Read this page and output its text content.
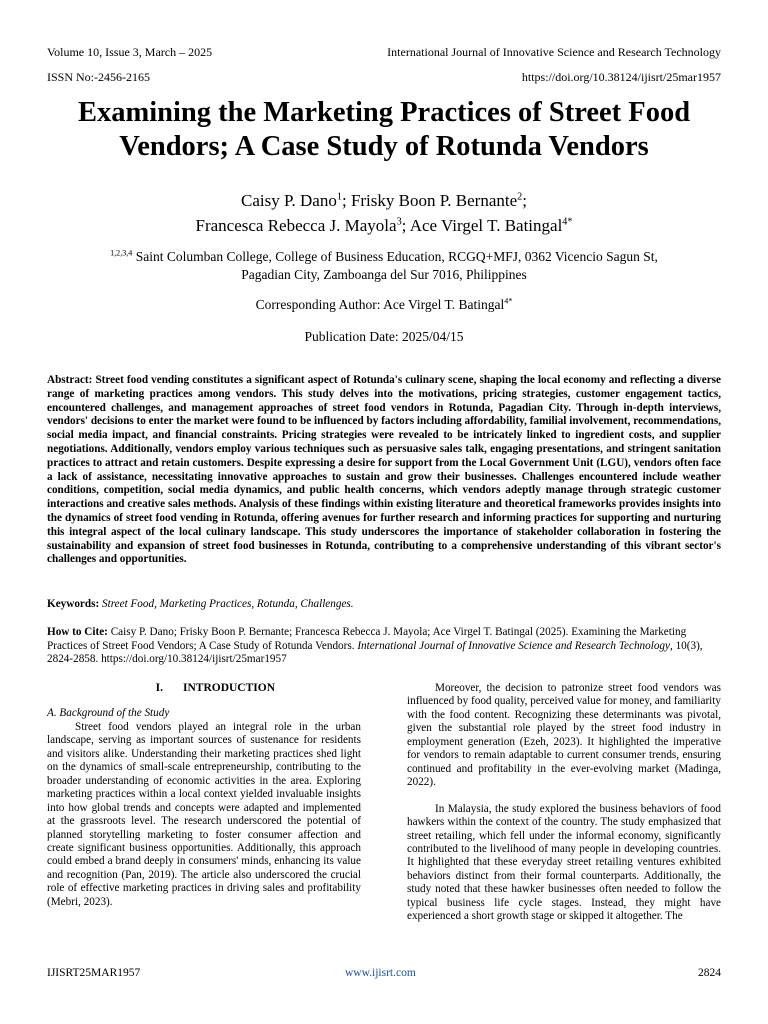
Volume 10, Issue 3, March – 2025	International Journal of Innovative Science and Research Technology
ISSN No:-2456-2165	https://doi.org/10.38124/ijisrt/25mar1957
Examining the Marketing Practices of Street Food
Vendors; A Case Study of Rotunda Vendors
Caisy P. Dano$^1$; Frisky Boon P. Bernante$^2$;
Francesca Rebecca J. Mayola$^3$; Ace Virgel T. Batingal$^{4*}$
$^{1,2,3,4}$ Saint Columban College, College of Business Education, RCGQ+MFJ, 0362 Vicencio Sagun St,
Pagadian City, Zamboanga del Sur 7016, Philippines
Corresponding Author: Ace Virgel T. Batingal$^{4*}$
Publication Date: 2025/04/15
Abstract: Street food vending constitutes a significant aspect of Rotunda's culinary scene, shaping the local economy and reflecting a diverse range of marketing practices among vendors. This study delves into the motivations, pricing strategies, customer engagement tactics, encountered challenges, and management approaches of street food vendors in Rotunda, Pagadian City. Through in-depth interviews, vendors' decisions to enter the market were found to be influenced by factors including affordability, familial involvement, recommendations, social media impact, and financial constraints. Pricing strategies were revealed to be intricately linked to ingredient costs, and supplier negotiations. Additionally, vendors employ various techniques such as persuasive sales talk, engaging presentations, and stringent sanitation practices to attract and retain customers. Despite expressing a desire for support from the Local Government Unit (LGU), vendors often face a lack of assistance, necessitating innovative approaches to sustain and grow their businesses. Challenges encountered include weather conditions, competition, social media dynamics, and public health concerns, which vendors adeptly manage through strategic customer interactions and creative sales methods. Analysis of these findings within existing literature and theoretical frameworks provides insights into the dynamics of street food vending in Rotunda, offering avenues for further research and informing practices for supporting and nurturing this integral aspect of the local culinary landscape. This study underscores the importance of stakeholder collaboration in fostering the sustainability and expansion of street food businesses in Rotunda, contributing to a comprehensive understanding of this vibrant sector's challenges and opportunities.
Keywords: Street Food, Marketing Practices, Rotunda, Challenges.
How to Cite: Caisy P. Dano; Frisky Boon P. Bernante; Francesca Rebecca J. Mayola; Ace Virgel T. Batingal (2025). Examining the Marketing Practices of Street Food Vendors; A Case Study of Rotunda Vendors. International Journal of Innovative Science and Research Technology, 10(3), 2824-2858. https://doi.org/10.38124/ijisrt/25mar1957

I. INTRODUCTION

A. Background of the Study

Street food vendors played an integral role in the urban landscape, serving as important sources of sustenance for residents and visitors alike. Understanding their marketing practices shed light on the dynamics of small-scale entrepreneurship, contributing to the broader understanding of economic activities in the area. Exploring marketing practices within a local context yielded invaluable insights into how global trends and concepts were adapted and implemented at the grassroots level. The research underscored the potential of planned storytelling marketing to foster consumer affection and create significant business opportunities. Additionally, this approach could embed a brand deeply in consumers' minds, enhancing its value and recognition (Pan, 2019). The article also underscored the crucial role of effective marketing practices in driving sales and profitability (Mebri, 2023).

Moreover, the decision to patronize street food vendors was influenced by food quality, perceived value for money, and familiarity with the food content. Recognizing these determinants was pivotal, given the substantial role played by the street food industry in employment generation (Ezeh, 2023). It highlighted the imperative for vendors to remain adaptable to current consumer trends, ensuring continued and profitability in the ever-evolving market (Madinga, 2022).

In Malaysia, the study explored the business behaviors of food hawkers within the context of the country. The study emphasized that street retailing, which fell under the informal economy, significantly contributed to the livelihood of many people in developing countries. It highlighted that these everyday street retailing ventures exhibited behaviors distinct from their formal counterparts. Additionally, the study noted that these hawker businesses often needed to follow the typical business life cycle stages. Instead, they might have experienced a short growth stage or skipped it altogether. The

IJISRT25MAR1957	www.ijisrt.com	2824
